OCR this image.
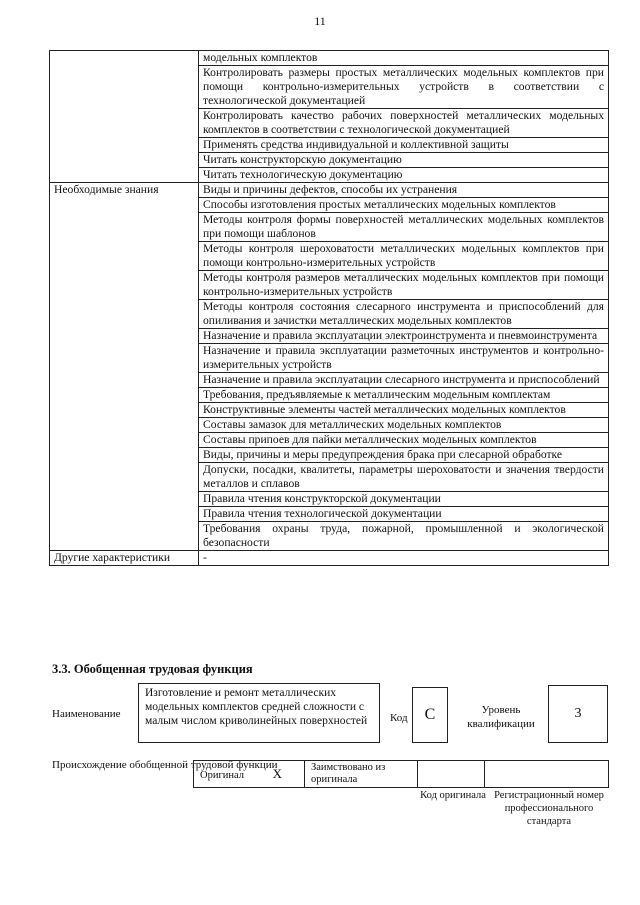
11

	модельных комплектов

	Контролировать размеры простых металлических модельных комплектов при помощи контрольно-измерительных устройств в соответствии с технологической документацией

	Контролировать качество рабочих поверхностей металлических модельных комплектов в соответствии с технологической документацией

	Применять средства индивидуальной и коллективной защиты

	Читать конструкторскую документацию

	Читать технологическую документацию

Необходимые знания	Виды и причины дефектов, способы их устранения

	Способы изготовления простых металлических модельных комплектов

	Методы контроля формы поверхностей металлических модельных комплектов при помощи шаблонов

	Методы контроля шероховатости металлических модельных комплектов при помощи контрольно-измерительных устройств

	Методы контроля размеров металлических модельных комплектов при помощи контрольно-измерительных устройств

	Методы контроля состояния слесарного инструмента и приспособлений для опиливания и зачистки металлических модельных комплектов

	Назначение и правила эксплуатации электроинструмента и пневмоинструмента

	Назначение и правила эксплуатации разметочных инструментов и контрольно-измерительных устройств

	Назначение и правила эксплуатации слесарного инструмента и приспособлений

	Требования, предъявляемые к металлическим модельным комплектам

	Конструктивные элементы частей металлических модельных комплектов

	Составы замазок для металлических модельных комплектов

	Составы припоев для пайки металлических модельных комплектов

	Виды, причины и меры предупреждения брака при слесарной обработке

	Допуски, посадки, квалитеты, параметры шероховатости и значения твердости металлов и сплавов

	Правила чтения конструкторской документации

	Правила чтения технологической документации

	Требования охраны труда, пожарной, промышленной и экологической безопасности

Другие характеристики	-
3.3. Обобщенная трудовая функция
Наименование
Изготовление и ремонт металлических модельных комплектов средней сложности с малым числом криволинейных поверхностей	Код С	Уровень квалификации
3
Происхождение обобщенной трудовой функции
Оригинал Х	Заимствовано из оригинала		
Код оригинала Регистрационный номер профессионального стандарта
